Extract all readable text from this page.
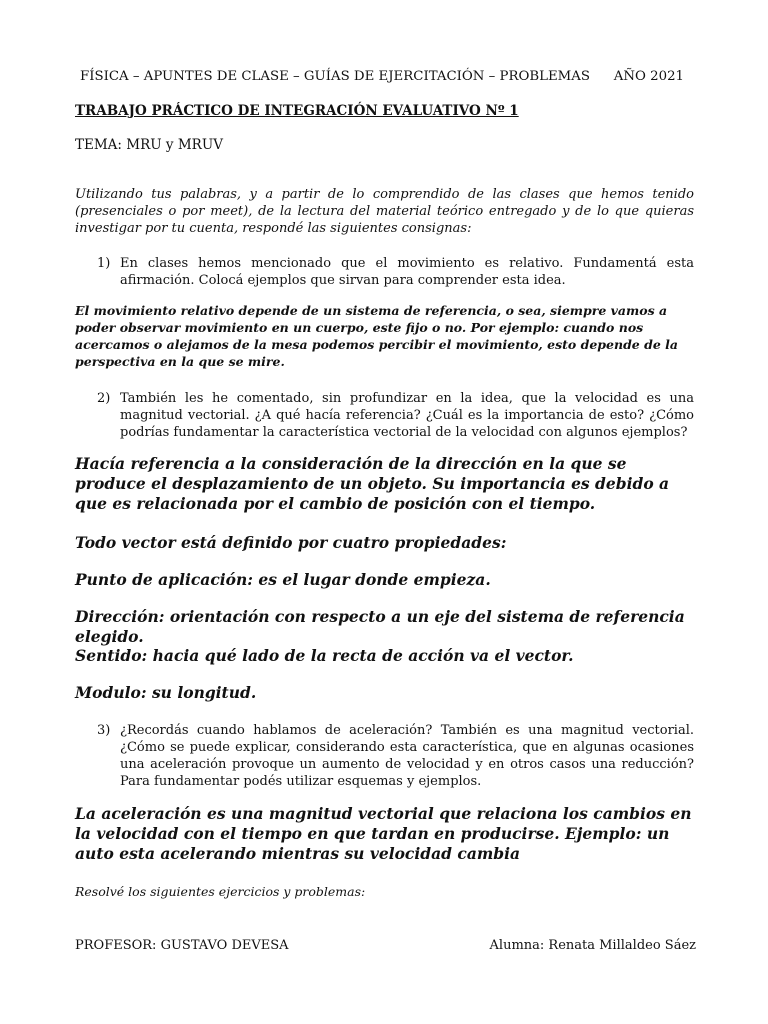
FÍSICA – APUNTES DE CLASE – GUÍAS DE EJERCITACIÓN – PROBLEMAS AÑO 2021

TRABAJO PRÁCTICO DE INTEGRACIÓN EVALUATIVO Nº 1

TEMA: MRU y MRUV

Utilizando tus palabras, y a partir de lo comprendido de las clases que hemos tenido (presenciales o por meet), de la lectura del material teórico entregado y de lo que quieras investigar por tu cuenta, respondé las siguientes consignas:

1) En clases hemos mencionado que el movimiento es relativo. Fundamentá esta afirmación. Colocá ejemplos que sirvan para comprender esta idea.

El movimiento relativo depende de un sistema de referencia, o sea, siempre vamos a poder observar movimiento en un cuerpo, este fijo o no. Por ejemplo: cuando nos acercamos o alejamos de la mesa podemos percibir el movimiento, esto depende de la perspectiva en la que se mire.

2) También les he comentado, sin profundizar en la idea, que la velocidad es una magnitud vectorial. ¿A qué hacía referencia? ¿Cuál es la importancia de esto? ¿Cómo podrías fundamentar la característica vectorial de la velocidad con algunos ejemplos?

Hacía referencia a la consideración de la dirección en la que se produce el desplazamiento de un objeto. Su importancia es debido a que es relacionada por el cambio de posición con el tiempo.

Todo vector está definido por cuatro propiedades:

Punto de aplicación: es el lugar donde empieza.

Dirección: orientación con respecto a un eje del sistema de referencia elegido.

Sentido: hacia qué lado de la recta de acción va el vector.

Modulo: su longitud.

3) ¿Recordás cuando hablamos de aceleración? También es una magnitud vectorial. ¿Cómo se puede explicar, considerando esta característica, que en algunas ocasiones una aceleración provoque un aumento de velocidad y en otros casos una reducción? Para fundamentar podés utilizar esquemas y ejemplos.

La aceleración es una magnitud vectorial que relaciona los cambios en la velocidad con el tiempo en que tardan en producirse. Ejemplo: un auto esta acelerando mientras su velocidad cambia

Resolvé los siguientes ejercicios y problemas:

PROFESOR: GUSTAVO DEVESA	Alumna: Renata Millaldeo Sáez
